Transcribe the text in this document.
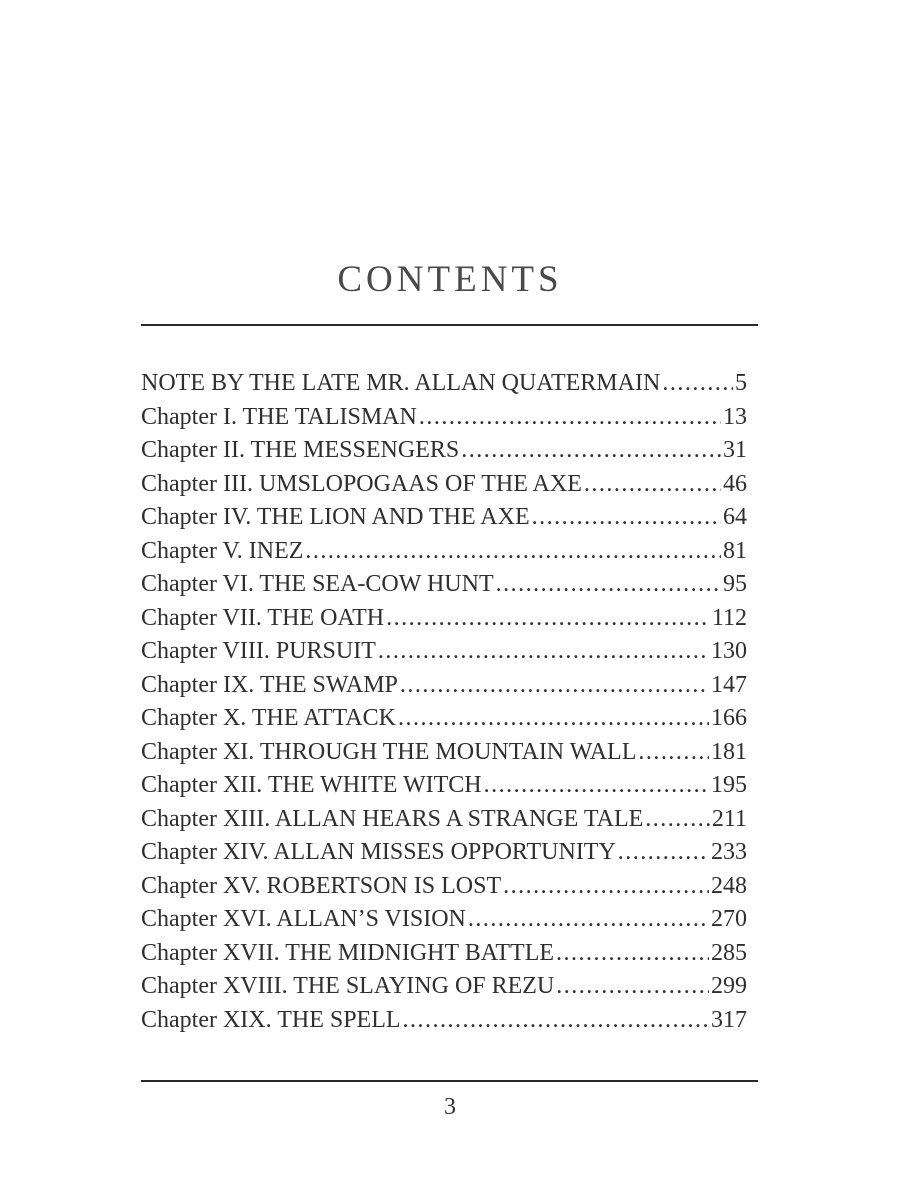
CONTENTS
NOTE BY THE LATE MR. ALLAN QUATERMAIN .....	5
Chapter I. THE TALISMAN .....	13
Chapter II. THE MESSENGERS .....	31
Chapter III. UMSLOPOGAAS OF THE AXE .....	46
Chapter IV. THE LION AND THE AXE .....	64
Chapter V. INEZ .....	81
Chapter VI. THE SEA-COW HUNT .....	95
Chapter VII. THE OATH .....	112
Chapter VIII. PURSUIT .....	130
Chapter IX. THE SWAMP .....	147
Chapter X. THE ATTACK .....	166
Chapter XI. THROUGH THE MOUNTAIN WALL .....	181
Chapter XII. THE WHITE WITCH .....	195
Chapter XIII. ALLAN HEARS A STRANGE TALE .....	211
Chapter XIV. ALLAN MISSES OPPORTUNITY .....	233
Chapter XV. ROBERTSON IS LOST .....	248
Chapter XVI. ALLAN’S VISION .....	270
Chapter XVII. THE MIDNIGHT BATTLE .....	285
Chapter XVIII. THE SLAYING OF REZU .....	299
Chapter XIX. THE SPELL .....	317
3
